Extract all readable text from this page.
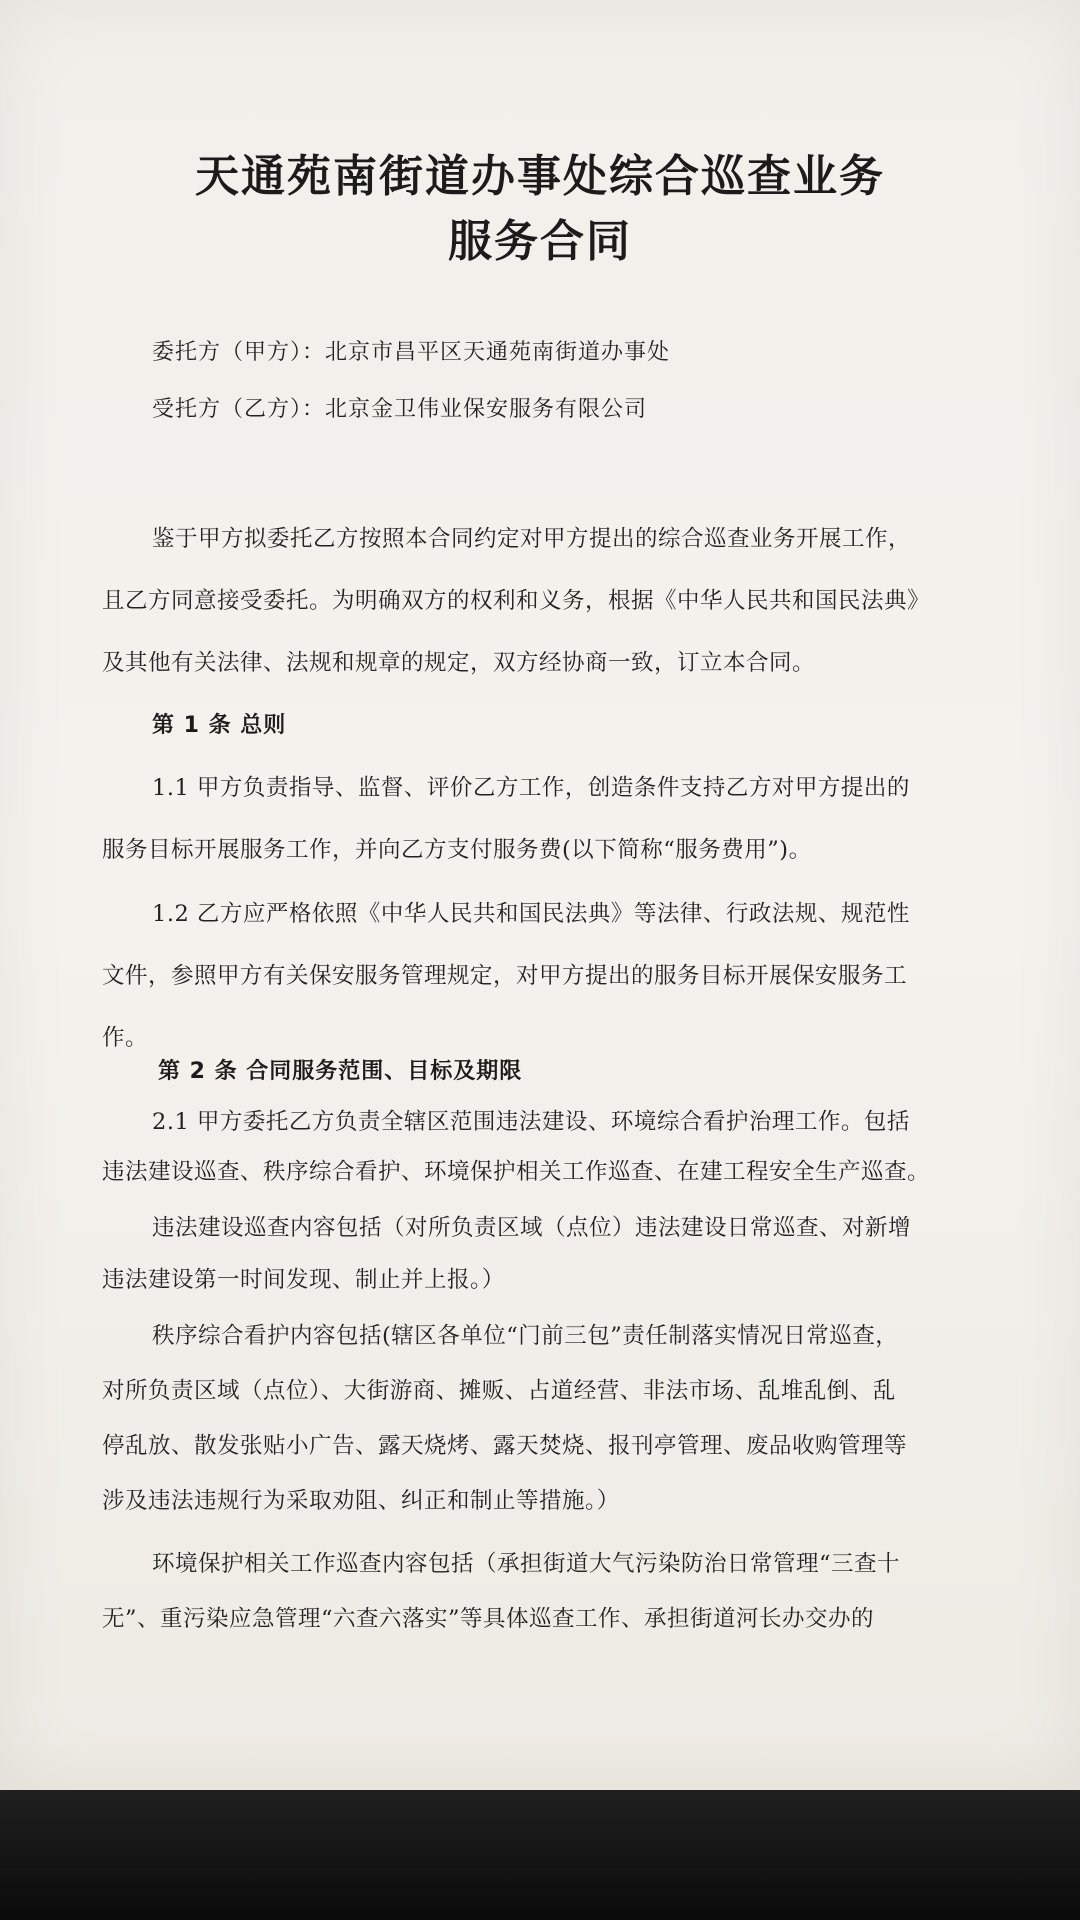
天通苑南街道办事处综合巡查业务
服务合同
委托方（甲方）：北京市昌平区天通苑南街道办事处
受托方（乙方）：北京金卫伟业保安服务有限公司
鉴于甲方拟委托乙方按照本合同约定对甲方提出的综合巡查业务开展工作，
且乙方同意接受委托。为明确双方的权利和义务，根据《中华人民共和国民法典》
及其他有关法律、法规和规章的规定，双方经协商一致，订立本合同。
第 1 条 总则
1.1 甲方负责指导、监督、评价乙方工作，创造条件支持乙方对甲方提出的
服务目标开展服务工作，并向乙方支付服务费(以下简称“服务费用”)。
1.2 乙方应严格依照《中华人民共和国民法典》等法律、行政法规、规范性
文件，参照甲方有关保安服务管理规定，对甲方提出的服务目标开展保安服务工
作。
第 2 条 合同服务范围、目标及期限
2.1 甲方委托乙方负责全辖区范围违法建设、环境综合看护治理工作。包括
违法建设巡查、秩序综合看护、环境保护相关工作巡查、在建工程安全生产巡查。
违法建设巡查内容包括（对所负责区域（点位）违法建设日常巡查、对新增
违法建设第一时间发现、制止并上报。）
秩序综合看护内容包括(辖区各单位“门前三包”责任制落实情况日常巡查，
对所负责区域（点位）、大街游商、摊贩、占道经营、非法市场、乱堆乱倒、乱
停乱放、散发张贴小广告、露天烧烤、露天焚烧、报刊亭管理、废品收购管理等
涉及违法违规行为采取劝阻、纠正和制止等措施。）
环境保护相关工作巡查内容包括（承担街道大气污染防治日常管理“三查十
无”、重污染应急管理“六查六落实”等具体巡查工作、承担街道河长办交办的
